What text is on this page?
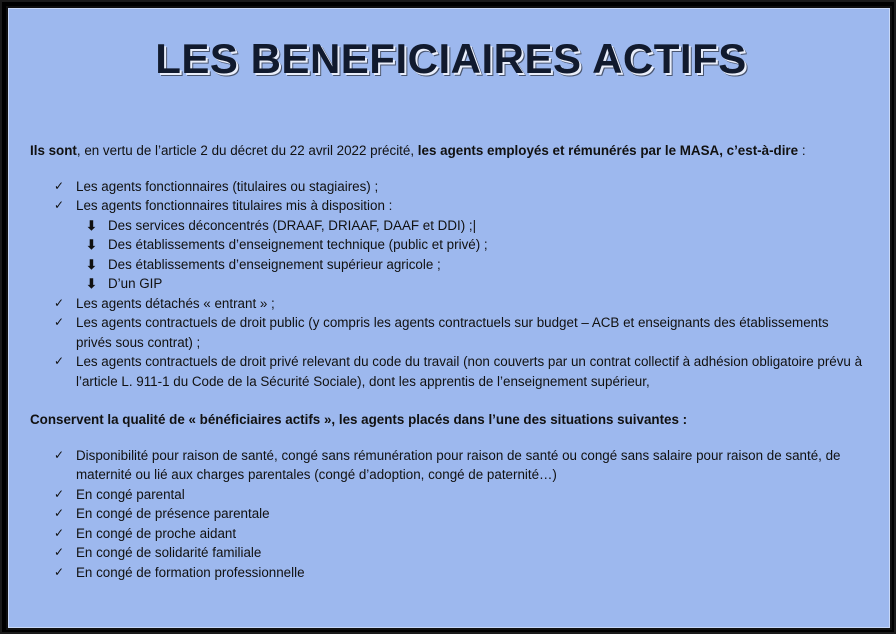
LES BENEFICIAIRES ACTIFS

Ils sont, en vertu de l’article 2 du décret du 22 avril 2022 précité, les agents employés et rémunérés par le MASA, c’est-à-dire :

✓ Les agents fonctionnaires (titulaires ou stagiaires) ;
✓ Les agents fonctionnaires titulaires mis à disposition :
⬇ Des services déconcentrés (DRAAF, DRIAAF, DAAF et DDI) ;|
⬇ Des établissements d’enseignement technique (public et privé) ;
⬇ Des établissements d’enseignement supérieur agricole ;
⬇ D’un GIP
✓ Les agents détachés « entrant » ;
✓ Les agents contractuels de droit public (y compris les agents contractuels sur budget – ACB et enseignants des établissements privés sous contrat) ;
✓ Les agents contractuels de droit privé relevant du code du travail (non couverts par un contrat collectif à adhésion obligatoire prévu à l’article L. 911-1 du Code de la Sécurité Sociale), dont les apprentis de l’enseignement supérieur,

Conservent la qualité de « bénéficiaires actifs », les agents placés dans l’une des situations suivantes :

✓ Disponibilité pour raison de santé, congé sans rémunération pour raison de santé ou congé sans salaire pour raison de santé, de maternité ou lié aux charges parentales (congé d’adoption, congé de paternité…)
✓ En congé parental
✓ En congé de présence parentale
✓ En congé de proche aidant
✓ En congé de solidarité familiale
✓ En congé de formation professionnelle
